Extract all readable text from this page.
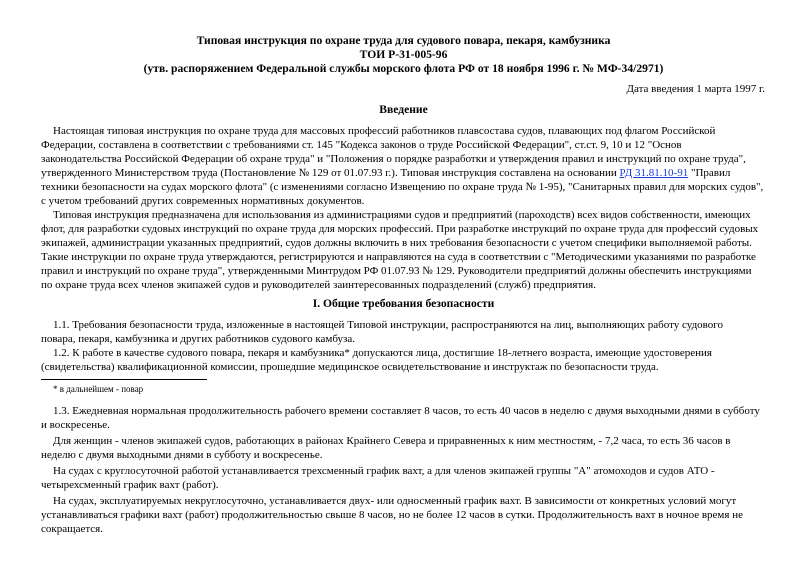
Типовая инструкция по охране труда для судового повара, пекаря, камбузника
ТОИ Р-31-005-96
(утв. распоряжением Федеральной службы морского флота РФ от 18 ноября 1996 г. № МФ-34/2971)
Дата введения 1 марта 1997 г.
Введение
Настоящая типовая инструкция по охране труда для массовых профессий работников плавсостава судов, плавающих под флагом Российской
Федерации, составлена в соответствии с требованиями ст. 145 "Кодекса законов о труде Российской Федерации", ст.ст. 9, 10 и 12 "Основ
законодательства Российской Федерации об охране труда" и "Положения о порядке разработки и утверждения правил и инструкций по охране труда",
утвержденного Министерством труда (Постановление № 129 от 01.07.93 г.). Типовая инструкция составлена на основании РД 31.81.10-91 "Правил
техники безопасности на судах морского флота" (с изменениями согласно Извещению по охране труда № 1-95), "Санитарных правил для морских судов",
с учетом требований других современных нормативных документов.
Типовая инструкция предназначена для использования из администрациями судов и предприятий (пароходств) всех видов собственности, имеющих
флот, для разработки судовых инструкций по охране труда для морских профессий. При разработке инструкций по охране труда для профессий судовых
экипажей, администрации указанных предприятий, судов должны включить в них требования безопасности с учетом специфики выполняемой работы.
Такие инструкции по охране труда утверждаются, регистрируются и направляются на суда в соответствии с "Методическими указаниями по разработке
правил и инструкций по охране труда", утвержденными Минтрудом РФ 01.07.93 № 129. Руководители предприятий должны обеспечить инструкциями
по охране труда всех членов экипажей судов и руководителей заинтересованных подразделений (служб) предприятия.
I. Общие требования безопасности
1.1. Требования безопасности труда, изложенные в настоящей Типовой инструкции, распространяются на лиц, выполняющих работу судового
повара, пекаря, камбузника и других работников судового камбуза.
1.2. К работе в качестве судового повара, пекаря и камбузника* допускаются лица, достигшие 18-летнего возраста, имеющие удостоверения
(свидетельства) квалификационной комиссии, прошедшие медицинское освидетельствование и инструктаж по безопасности труда.
* в дальнейшем - повар
1.3. Ежедневная нормальная продолжительность рабочего времени составляет 8 часов, то есть 40 часов в неделю с двумя выходными днями в субботу
и воскресенье.
Для женщин - членов экипажей судов, работающих в районах Крайнего Севера и приравненных к ним местностям, - 7,2 часа, то есть 36 часов в
неделю с двумя выходными днями в субботу и воскресенье.
На судах с круглосуточной работой устанавливается трехсменный график вахт, а для членов экипажей группы "А" атомоходов и судов АТО -
четырехсменный график вахт (работ).
На судах, эксплуатируемых некруглосуточно, устанавливается двух- или односменный график вахт. В зависимости от конкретных условий могут
устанавливаться графики вахт (работ) продолжительностью свыше 8 часов, но не более 12 часов в сутки. Продолжительность вахт в ночное время не
сокращается.
